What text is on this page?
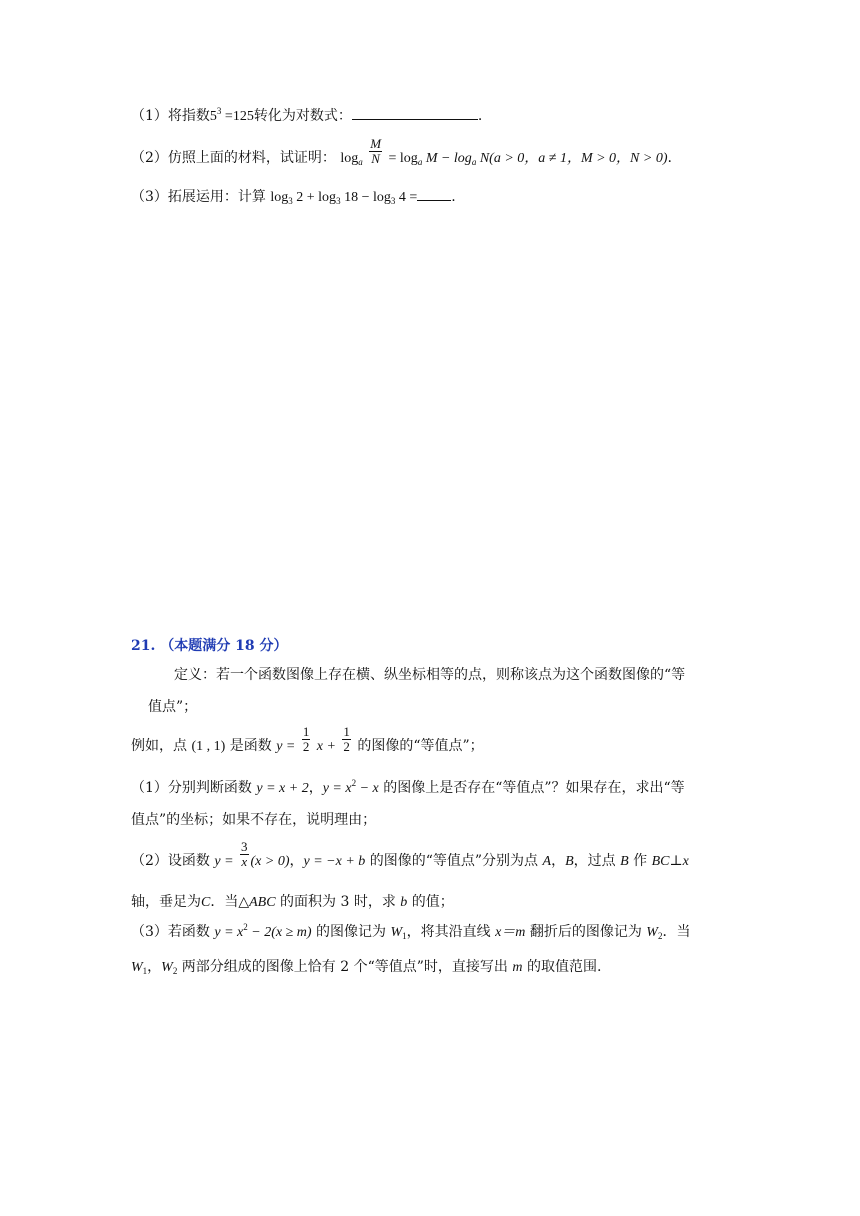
（1）将指数$5^3 =125$转化为对数式：	.
（2）仿照上面的材料，试证明： $\log_a \frac{M}{N} = \log_a M - \log_a N(a > 0$，a ≠ 1，M > 0，N > 0).
（3）拓展运用：计算 $\log_3 2 + \log_3 18 - \log_3 4$ = .
21. （本题满分 18 分）
定义：若一个函数图像上存在横、纵坐标相等的点，则称该点为这个函数图像的“等
值点”；
例如，点 (1 , 1) 是函数 $y = \frac{1}{2}$ $x + \frac{1}{2}$ 的图像的“等值点”；
（1）分别判断函数 y = x + 2，$y = x^2 - x$ 的图像上是否存在“等值点”？如果存在，求出“等
值点”的坐标；如果不存在，说明理由；
（2）设函数 $y = \frac{3}{x} (x > 0)$，y = −x + b 的图像的“等值点”分别为点 A，B，过点 B 作 BC⊥x
轴，垂足为C．当△ABC 的面积为 3 时，求 b 的值；
（3）若函数 $y = x^2 - 2(x \ge m)$ 的图像记为 $W_1$，将其沿直线 x＝m 翻折后的图像记为 $W_2$．当
$W_1$，$W_2$ 两部分组成的图像上恰有 2 个“等值点”时，直接写出 m 的取值范围.
